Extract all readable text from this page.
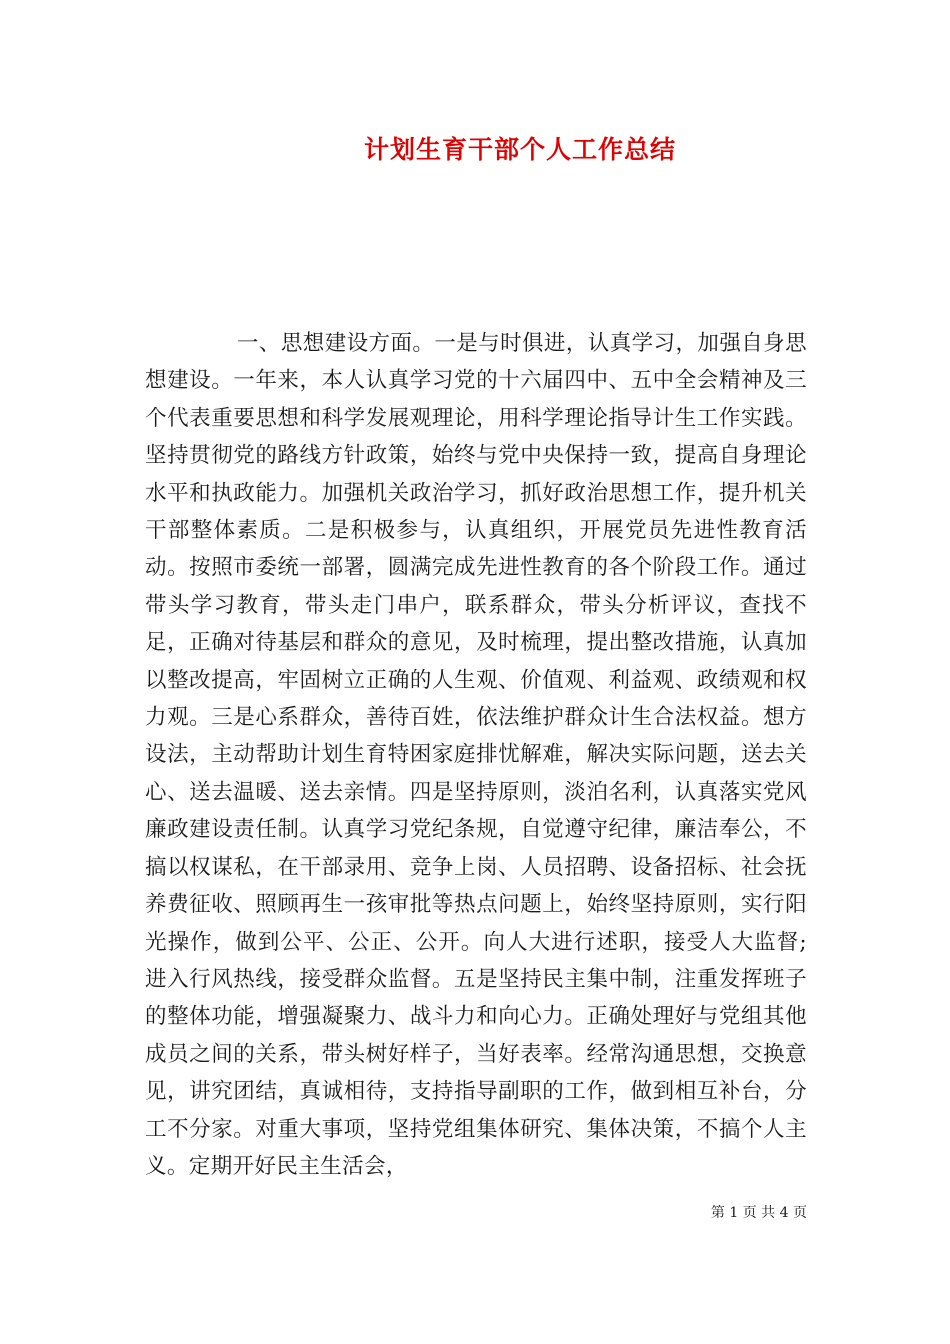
计划生育干部个人工作总结

一、思想建设方面。一是与时俱进，认真学习，加强自身思想建设。一年来，本人认真学习党的十六届四中、五中全会精神及三个代表重要思想和科学发展观理论，用科学理论指导计生工作实践。坚持贯彻党的路线方针政策，始终与党中央保持一致，提高自身理论水平和执政能力。加强机关政治学习，抓好政治思想工作，提升机关干部整体素质。二是积极参与，认真组织，开展党员先进性教育活动。按照市委统一部署，圆满完成先进性教育的各个阶段工作。通过带头学习教育，带头走门串户，联系群众，带头分析评议，查找不足，正确对待基层和群众的意见，及时梳理，提出整改措施，认真加以整改提高，牢固树立正确的人生观、价值观、利益观、政绩观和权力观。三是心系群众，善待百姓，依法维护群众计生合法权益。想方设法，主动帮助计划生育特困家庭排忧解难，解决实际问题，送去关心、送去温暖、送去亲情。四是坚持原则，淡泊名利，认真落实党风廉政建设责任制。认真学习党纪条规，自觉遵守纪律，廉洁奉公，不搞以权谋私，在干部录用、竞争上岗、人员招聘、设备招标、社会抚养费征收、照顾再生一孩审批等热点问题上，始终坚持原则，实行阳光操作，做到公平、公正、公开。向人大进行述职，接受人大监督;进入行风热线，接受群众监督。五是坚持民主集中制，注重发挥班子的整体功能，增强凝聚力、战斗力和向心力。正确处理好与党组其他成员之间的关系，带头树好样子，当好表率。经常沟通思想，交换意见，讲究团结，真诚相待，支持指导副职的工作，做到相互补台，分工不分家。对重大事项，坚持党组集体研究、集体决策，不搞个人主义。定期开好民主生活会，

第 1 页 共 4 页
